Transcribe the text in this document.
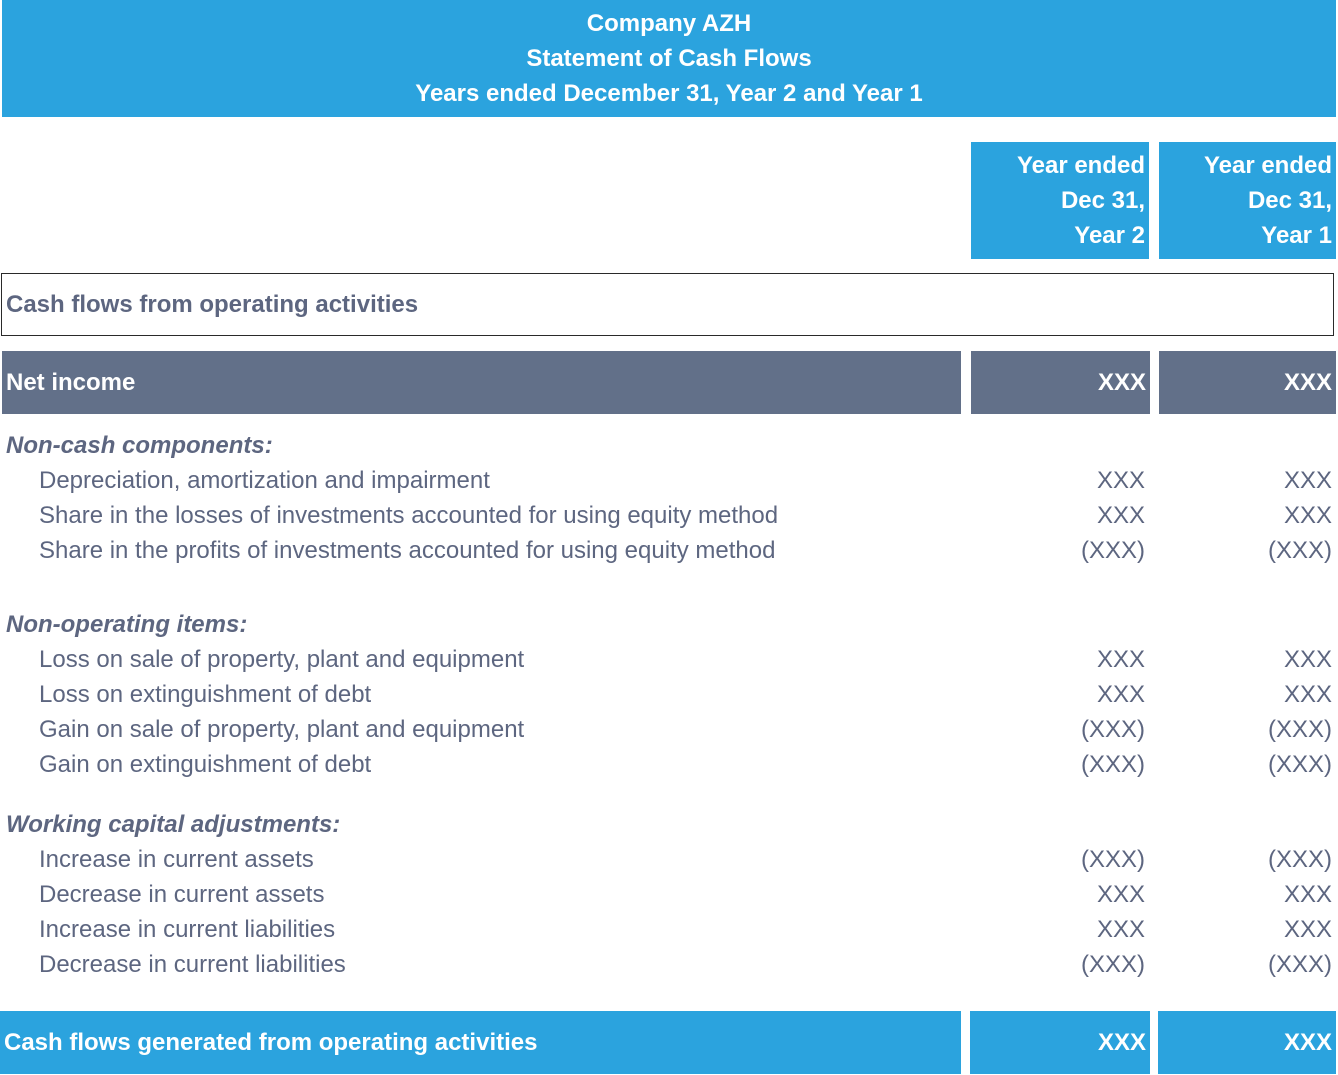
Company AZH
Statement of Cash Flows
Years ended December 31, Year 2 and Year 1
Year ended
Dec 31,
Year 2
Year ended
Dec 31,
Year 1
Cash flows from operating activities
Net income	XXX	XXX
Non-cash components:
Depreciation, amortization and impairment	XXX	XXX
Share in the losses of investments accounted for using equity method	XXX	XXX
Share in the profits of investments accounted for using equity method	(XXX)	(XXX)
Non-operating items:
Loss on sale of property, plant and equipment	XXX	XXX
Loss on extinguishment of debt	XXX	XXX
Gain on sale of property, plant and equipment	(XXX)	(XXX)
Gain on extinguishment of debt	(XXX)	(XXX)
Working capital adjustments:
Increase in current assets	(XXX)	(XXX)
Decrease in current assets	XXX	XXX
Increase in current liabilities	XXX	XXX
Decrease in current liabilities	(XXX)	(XXX)
Cash flows generated from operating activities	XXX	XXX
